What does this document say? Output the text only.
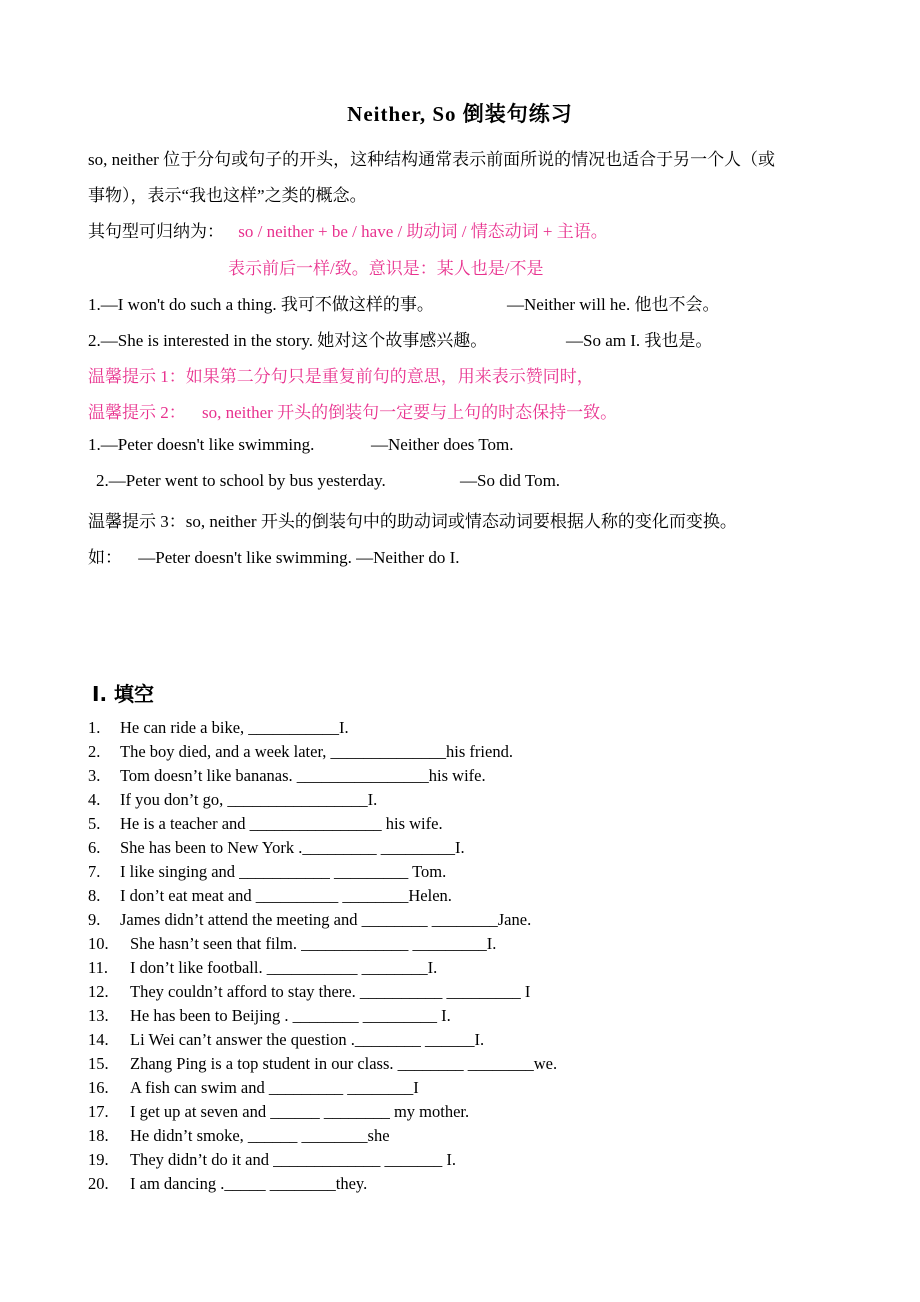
Neither, So 倒装句练习
so, neither 位于分句或句子的开头，这种结构通常表示前面所说的情况也适合于另一个人（或
事物），表示“我也这样”之类的概念。
其句型可归纳为： so / neither + be / have / 助动词 / 情态动词 + 主语。
表示前后一样/致。意识是：某人也是/不是
1.—I won't do such a thing. 我可不做这样的事。	—Neither will he. 他也不会。
2.—She is interested in the story. 她对这个故事感兴趣。	—So am I. 我也是。
温馨提示 1：如果第二分句只是重复前句的意思，用来表示赞同时，
温馨提示 2： so, neither 开头的倒装句一定要与上句的时态保持一致。
1.—Peter doesn't like swimming.	—Neither does Tom.
2.—Peter went to school by bus yesterday.	—So did Tom.
温馨提示 3：so, neither 开头的倒装句中的助动词或情态动词要根据人称的变化而变换。
如： —Peter doesn't like swimming. —Neither do I.
Ⅰ. 填空
1. He can ride a bike, ___________I.
2. The boy died, and a week later, ______________his friend.
3. Tom doesn’t like bananas. ________________his wife.
4. If you don’t go, _________________I.
5. He is a teacher and ________________ his wife.
6. She has been to New York ._________ _________I.
7. I like singing and ___________ _________ Tom.
8. I don’t eat meat and __________ ________Helen.
9. James didn’t attend the meeting and ________ ________Jane.
10. She hasn’t seen that film. _____________ _________I.
11. I don’t like football. ___________ ________I.
12. They couldn’t afford to stay there. __________ _________ I
13. He has been to Beijing . ________ _________ I.
14. Li Wei can’t answer the question .________ ______I.
15. Zhang Ping is a top student in our class. ________ ________we.
16. A fish can swim and _________ ________I
17. I get up at seven and ______ ________ my mother.
18. He didn’t smoke, ______ ________she
19. They didn’t do it and _____________ _______ I.
20. I am dancing ._____ ________they.
